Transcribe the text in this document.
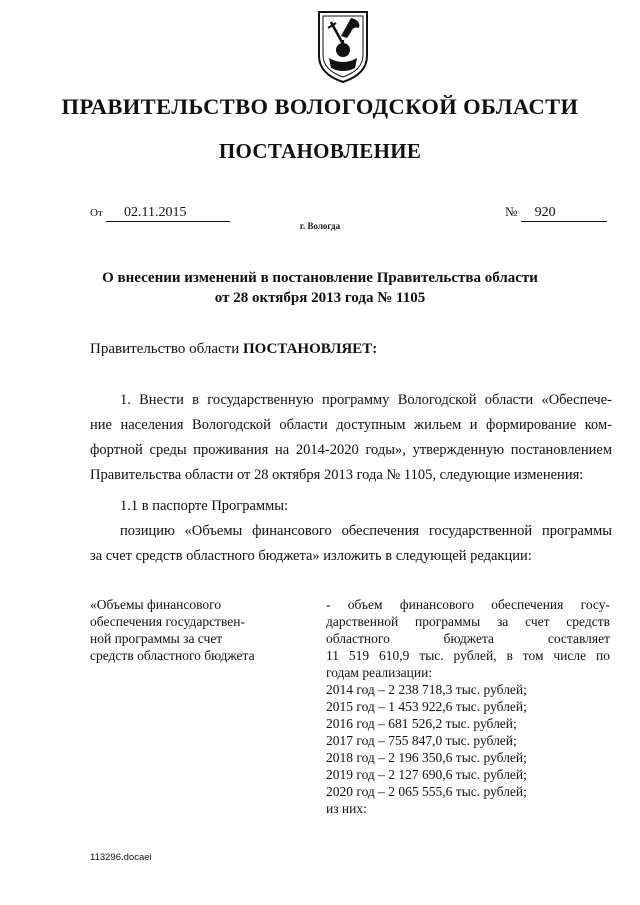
ПРАВИТЕЛЬСТВО ВОЛОГОДСКОЙ ОБЛАСТИ
ПОСТАНОВЛЕНИЕ
От 02.11.2015	№ 920
г. Вологда
О внесении изменений в постановление Правительства области
от 28 октября 2013 года № 1105
Правительство области ПОСТАНОВЛЯЕТ:
1. Внести в государственную программу Вологодской области «Обеспече-
ние населения Вологодской области доступным жильем и формирование ком-
фортной среды проживания на 2014-2020 годы», утвержденную постановлением
Правительства области от 28 октября 2013 года № 1105, следующие изменения:
1.1 в паспорте Программы:
позицию «Объемы финансового обеспечения государственной программы
за счет средств областного бюджета» изложить в следующей редакции:
«Объемы финансового
обеспечения государствен-
ной программы за счет
средств областного бюджета
- объем финансового обеспечения госу-
дарственной программы за счет средств
областного бюджета составляет
11 519 610,9 тыс. рублей, в том числе по
годам реализации:
2014 год – 2 238 718,3 тыс. рублей;
2015 год – 1 453 922,6 тыс. рублей;
2016 год – 681 526,2 тыс. рублей;
2017 год – 755 847,0 тыс. рублей;
2018 год – 2 196 350,6 тыс. рублей;
2019 год – 2 127 690,6 тыс. рублей;
2020 год – 2 065 555,6 тыс. рублей;
из них:
113296.docaei
